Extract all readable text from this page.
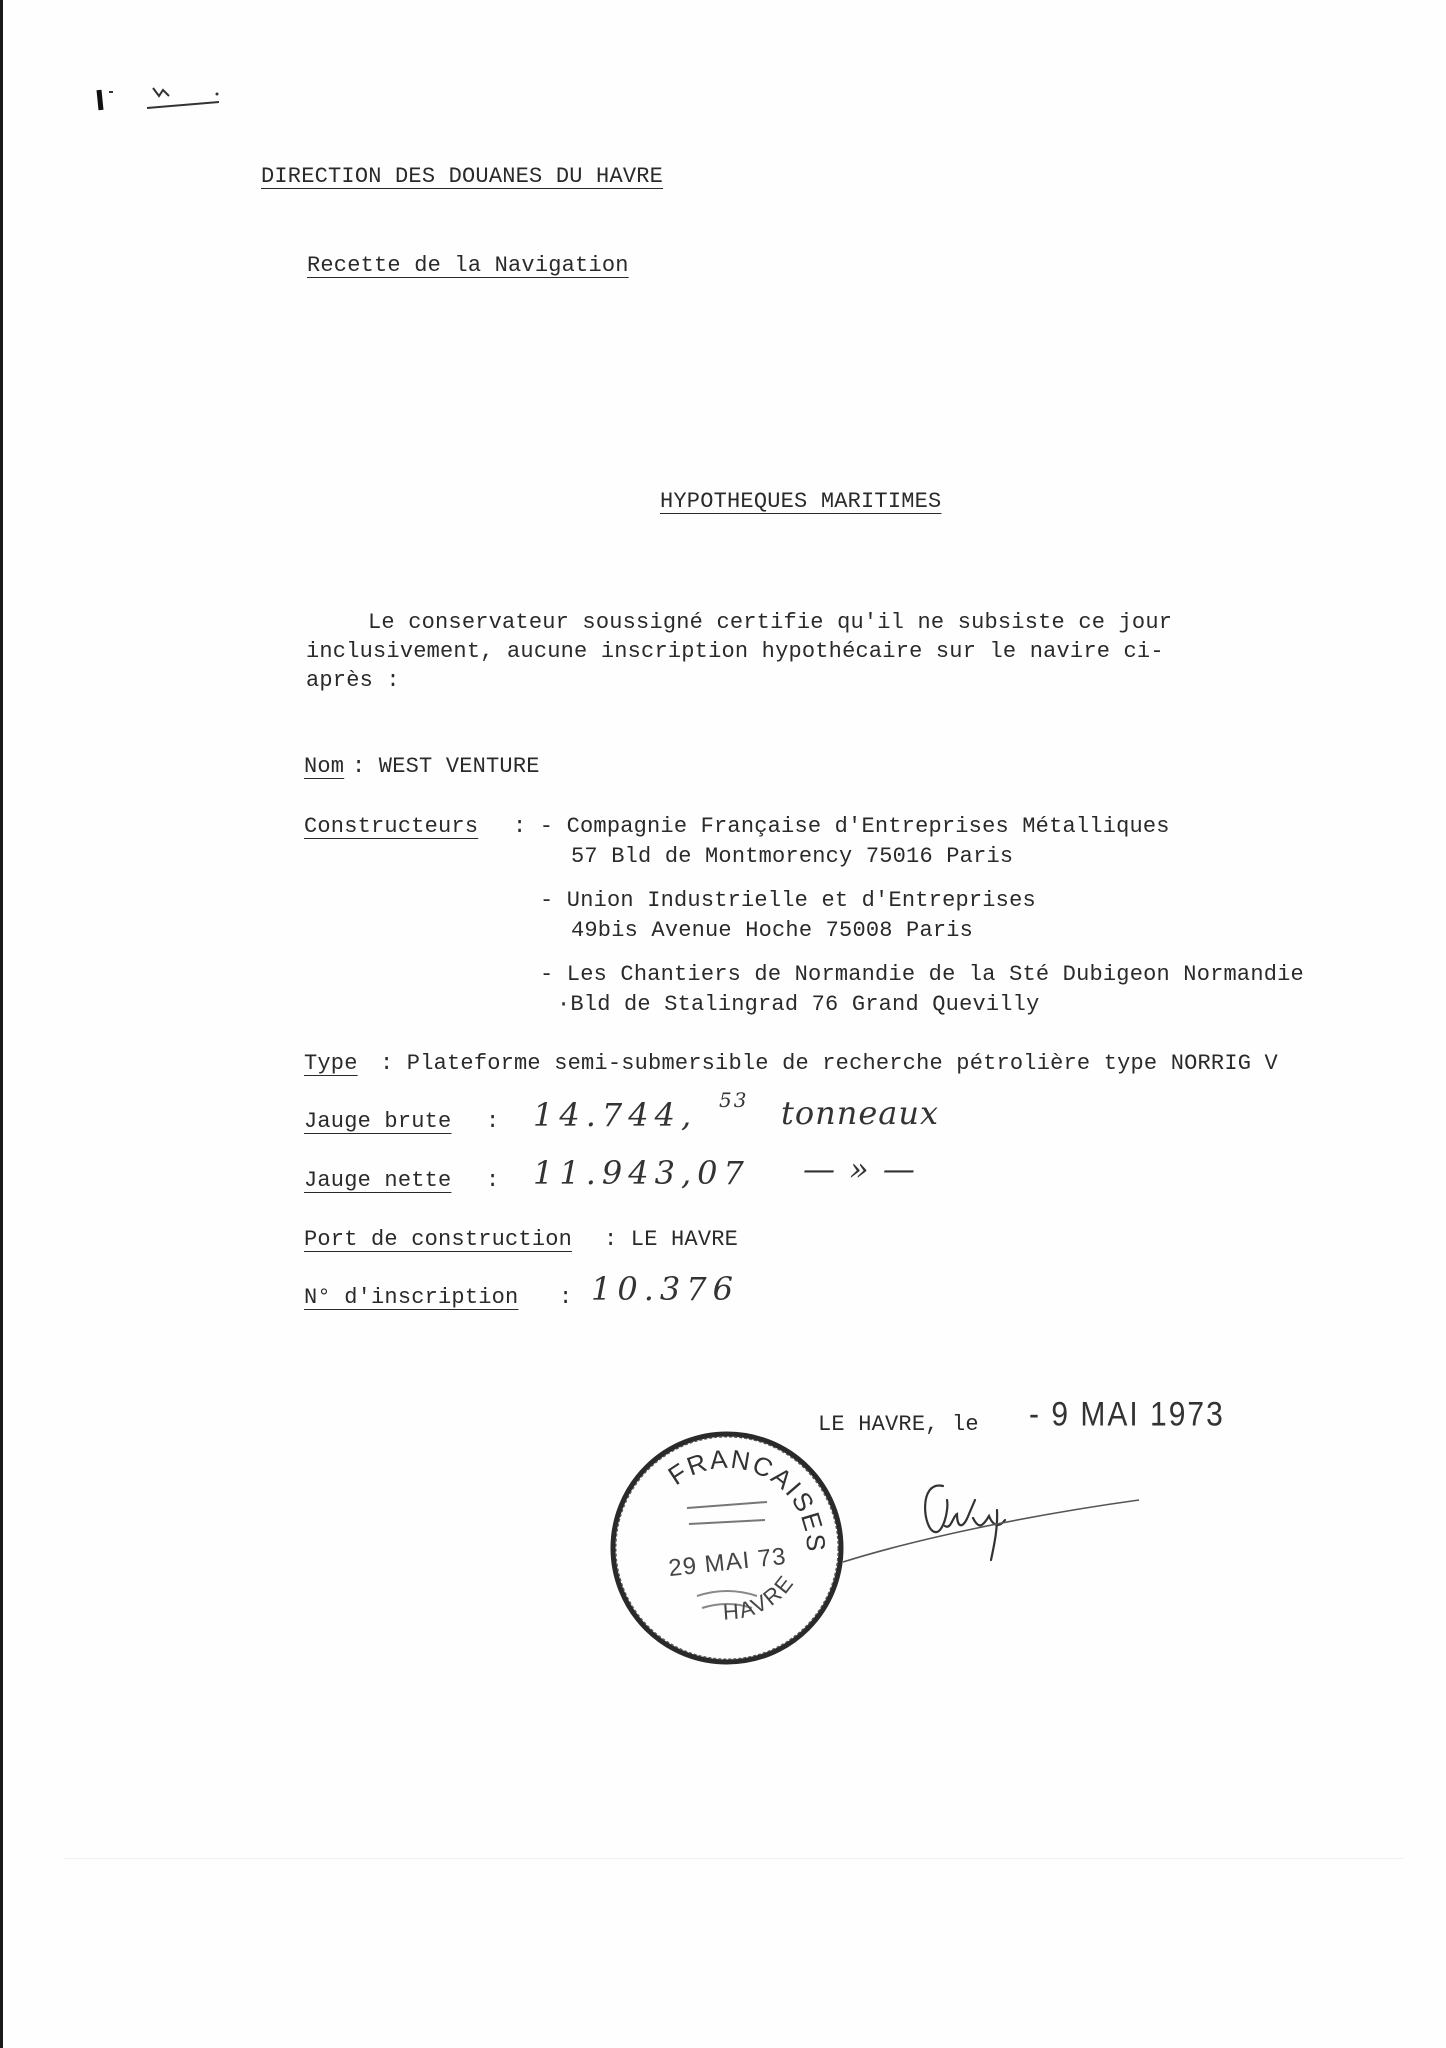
DIRECTION DES DOUANES DU HAVRE
Recette de la Navigation
HYPOTHEQUES MARITIMES
Le conservateur soussigné certifie qu'il ne subsiste ce jour
inclusivement, aucune inscription hypothécaire sur le navire ci-
après :
Nom : WEST VENTURE
Constructeurs : - Compagnie Française d'Entreprises Métalliques
57 Bld de Montmorency 75016 Paris
- Union Industrielle et d'Entreprises
49bis Avenue Hoche 75008 Paris
- Les Chantiers de Normandie de la Sté Dubigeon Normandie
·Bld de Stalingrad 76 Grand Quevilly
Type : Plateforme semi-submersible de recherche pétrolière type NORRIG V
Jauge brute : 14.744, 53 tonneaux
Jauge nette : 11.943,07 — » —
Port de construction : LE HAVRE
N° d'inscription : 10.376
LE HAVRE, le - 9 MAI 1973
FRANCAISES
29 MAI 73
HAVRE
